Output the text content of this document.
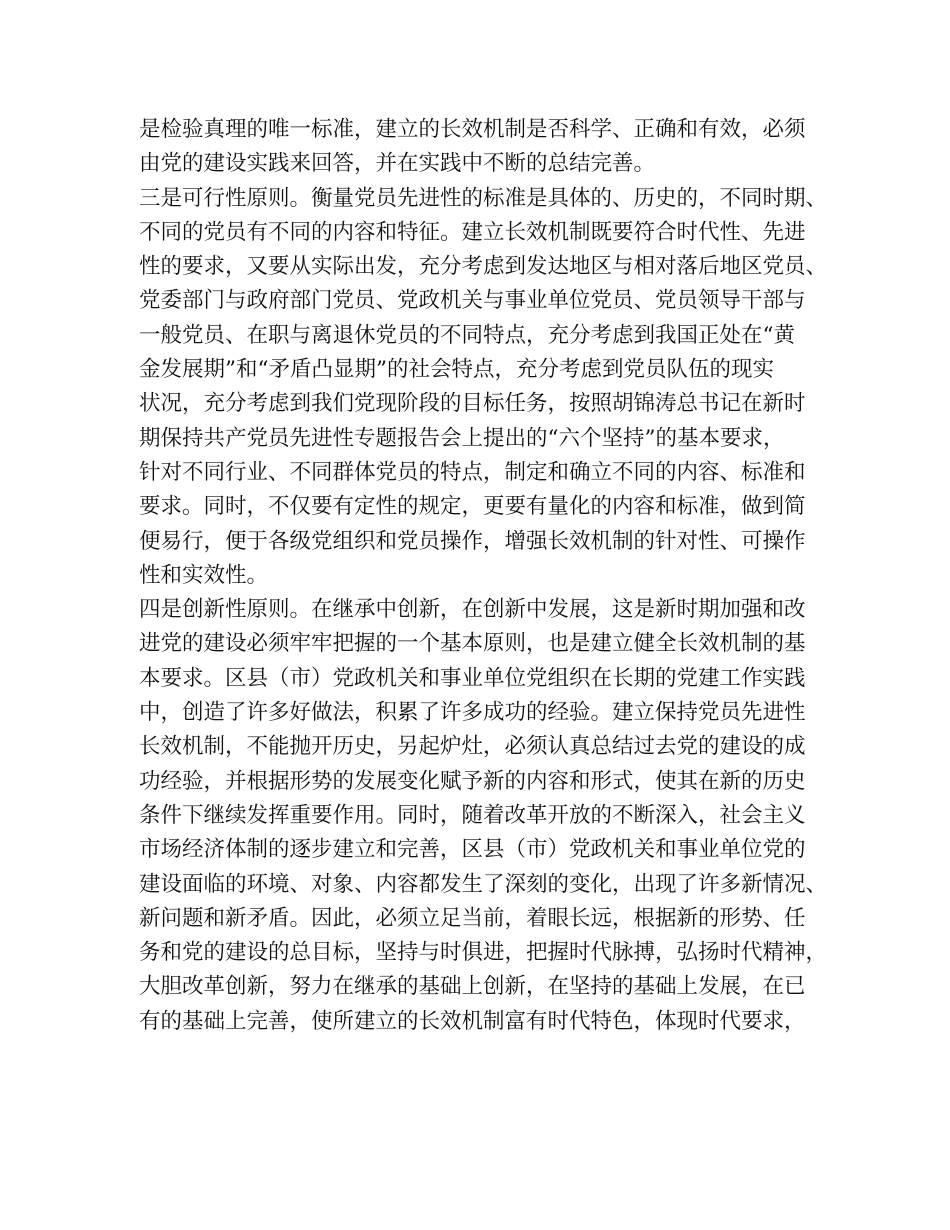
是检验真理的唯一标准，建立的长效机制是否科学、正确和有效，必须
由党的建设实践来回答，并在实践中不断的总结完善。
三是可行性原则。衡量党员先进性的标准是具体的、历史的，不同时期、
不同的党员有不同的内容和特征。建立长效机制既要符合时代性、先进
性的要求，又要从实际出发，充分考虑到发达地区与相对落后地区党员、
党委部门与政府部门党员、党政机关与事业单位党员、党员领导干部与
一般党员、在职与离退休党员的不同特点，充分考虑到我国正处在“黄
金发展期”和“矛盾凸显期”的社会特点，充分考虑到党员队伍的现实
状况，充分考虑到我们党现阶段的目标任务，按照胡锦涛总书记在新时
期保持共产党员先进性专题报告会上提出的“六个坚持”的基本要求，
针对不同行业、不同群体党员的特点，制定和确立不同的内容、标准和
要求。同时，不仅要有定性的规定，更要有量化的内容和标准，做到简
便易行，便于各级党组织和党员操作，增强长效机制的针对性、可操作
性和实效性。
四是创新性原则。在继承中创新，在创新中发展，这是新时期加强和改
进党的建设必须牢牢把握的一个基本原则，也是建立健全长效机制的基
本要求。区县（市）党政机关和事业单位党组织在长期的党建工作实践
中，创造了许多好做法，积累了许多成功的经验。建立保持党员先进性
长效机制，不能抛开历史，另起炉灶，必须认真总结过去党的建设的成
功经验，并根据形势的发展变化赋予新的内容和形式，使其在新的历史
条件下继续发挥重要作用。同时，随着改革开放的不断深入，社会主义
市场经济体制的逐步建立和完善，区县（市）党政机关和事业单位党的
建设面临的环境、对象、内容都发生了深刻的变化，出现了许多新情况、
新问题和新矛盾。因此，必须立足当前，着眼长远，根据新的形势、任
务和党的建设的总目标，坚持与时俱进，把握时代脉搏，弘扬时代精神，
大胆改革创新，努力在继承的基础上创新，在坚持的基础上发展，在已
有的基础上完善，使所建立的长效机制富有时代特色，体现时代要求，
